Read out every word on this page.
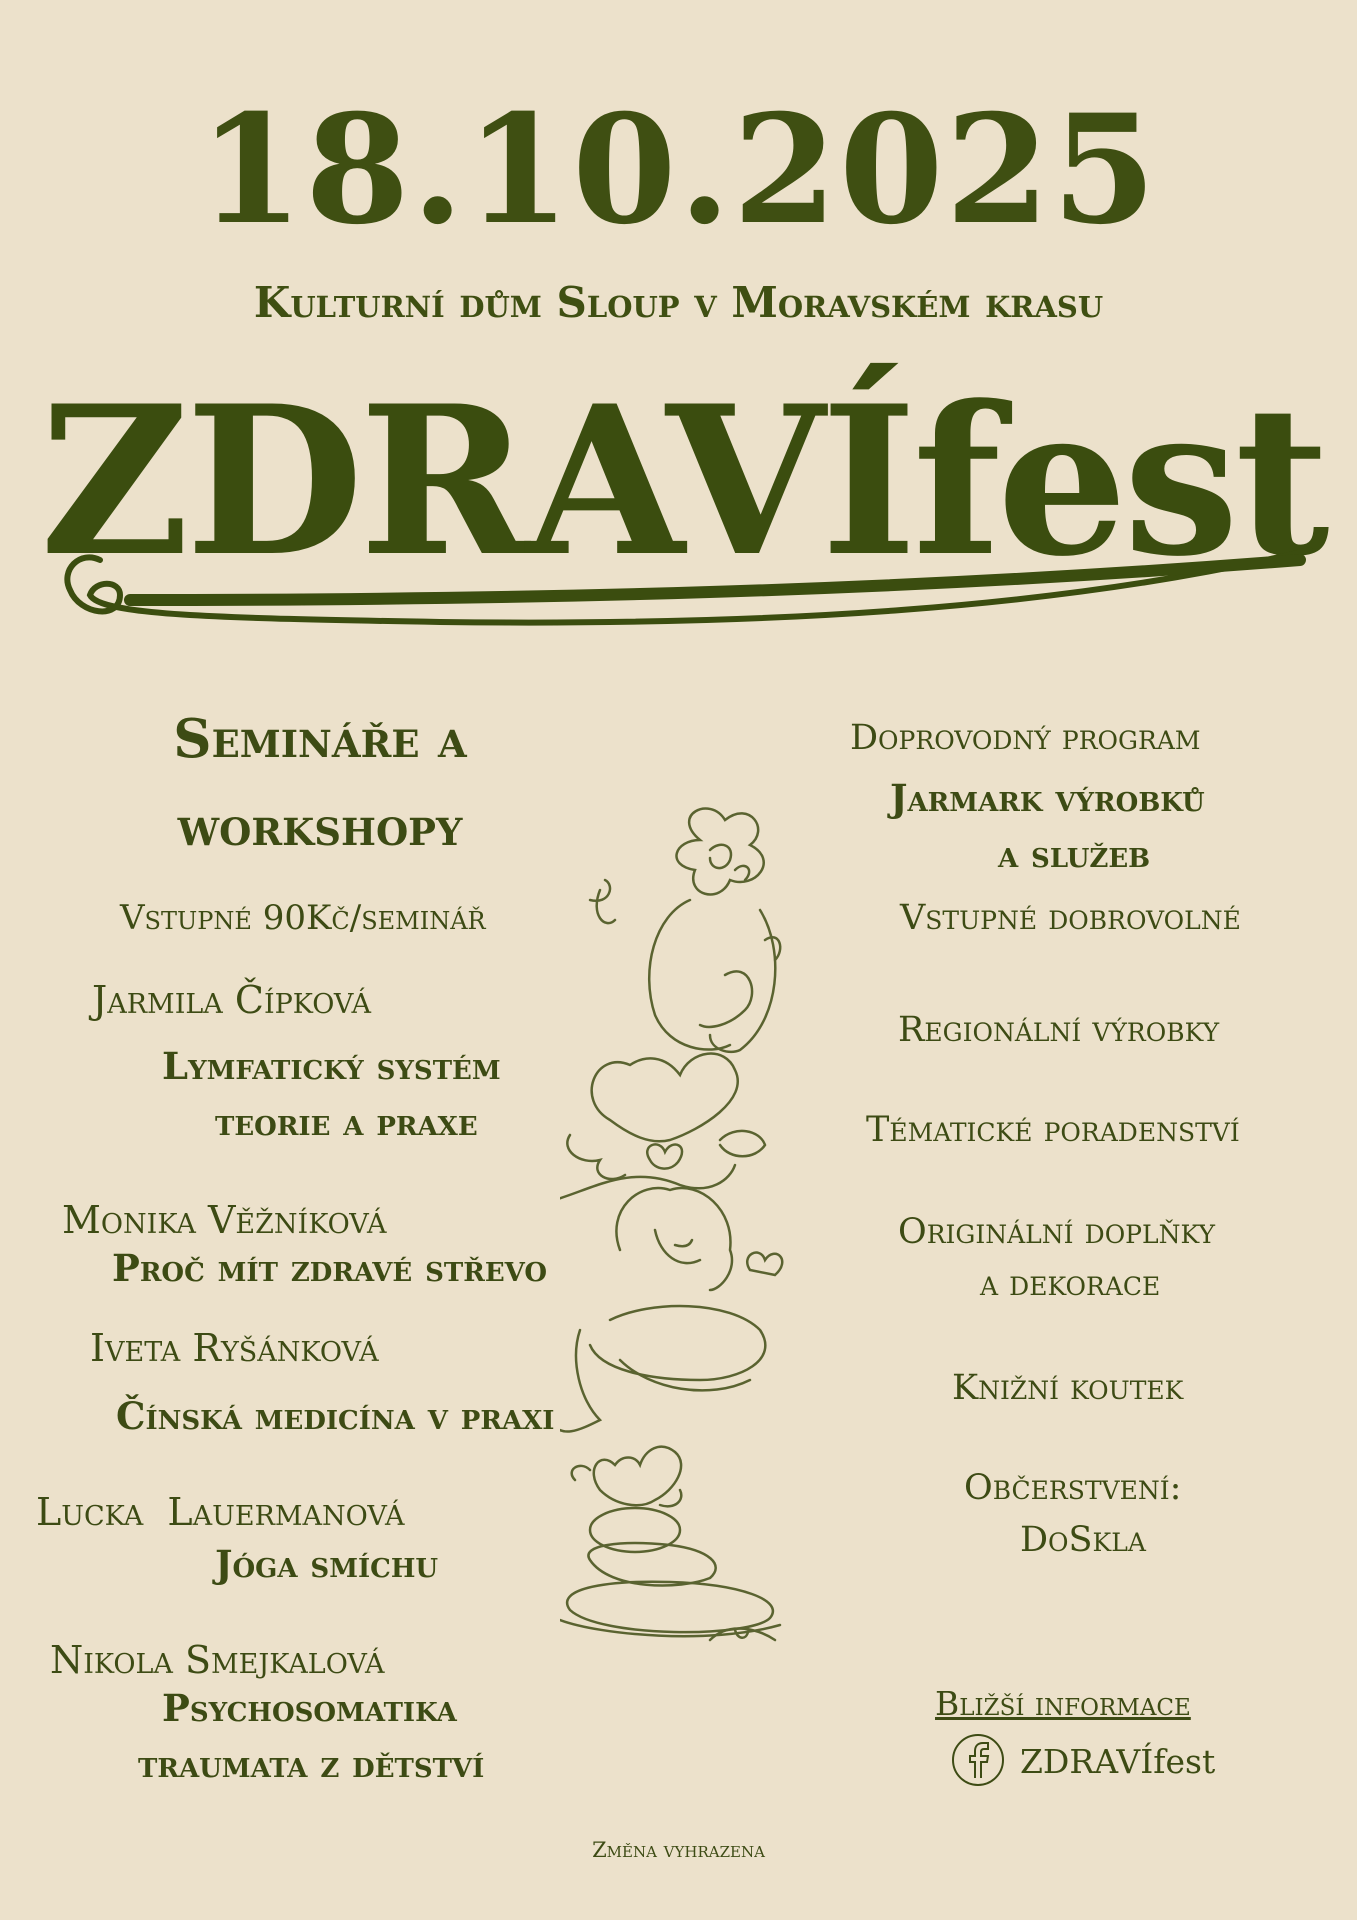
18.10.2025
Kulturní dům Sloup v Moravském krasu
ZDRAVÍfest
Semináře a
workshopy
Vstupné 90Kč/seminář
Jarmila Čípková
Lymfatický systém
teorie a praxe
Monika Věžníková
Proč mít zdravé střevo
Iveta Ryšánková
Čínská medicína v praxi
Lucka  Lauermanová
Jóga smíchu
Nikola Smejkalová
Psychosomatika
traumata z dětství
Doprovodný program
Jarmark výrobků
a služeb
Vstupné dobrovolné
Regionální výrobky
Tématické poradenství
Originální doplňky
a dekorace
Knižní koutek
Občerstvení:
DoSkla
Bližší informace
ZDRAVÍfest
Změna vyhrazena
